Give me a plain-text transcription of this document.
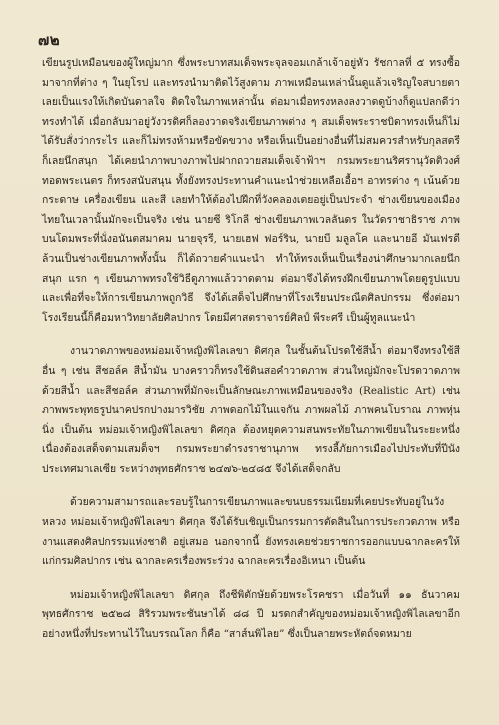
๗๒

เขียนรูปเหมือนของผู้ใหญ่มาก ซึ่งพระบาทสมเด็จพระจุลจอมเกล้าเจ้าอยู่หัว รัชกาลที่ ๕ ทรงซื้อมาจากที่ต่าง ๆ ในยุโรป และทรงนำมาติดไว้สูงตาม ภาพเหมือนเหล่านั้นดูแล้วเจริญใจสบายตา เลยเป็นแรงให้เกิดบันดาลใจ ติดใจในภาพเหล่านั้น ต่อมาเมื่อทรงหลงลงวาดดูบ้างก็ดูแปลกดีว่าทรงทำได้ เมื่อกลับมาอยู่วังวรดิศก็ลองวาดจริงเขียนภาพต่าง ๆ สมเด็จพระราชบิดาทรงเห็นก็ไม่ได้รับสั่งว่ากระไร และก็ไม่ทรงห้ามหรือขัดขวาง หรือเห็นเป็นอย่างอื่นที่ไม่สมควรสำหรับกุลสตรี ก็เลยนึกสนุก ได้เคยนำภาพบางภาพไปฝากถวายสมเด็จเจ้าฟ้าฯ กรมพระยานริศรานุวัดติวงศ์ ทอดพระเนตร ก็ทรงสนับสนุน ทั้งยังทรงประทานคำแนะนำช่วยเหลือเอื้อฯ อาทรต่าง ๆ เน้นด้วยกระดาษ เครื่องเขียน และสี เลยทำให้ต้องไปฝึกที่วังคลองเตยอยู่เป็นประจำ ช่างเขียนของเมืองไทยในเวลานั้นมักจะเป็นจริง เช่น นายซี ริโกลี ช่างเขียนภาพเวลลันดร ในวัดราชาธิราช ภาพบนโดมพระที่นั่งอนันตสมาคม นายจุรรี, นายเฮฟ ฟอร์ริน, นายบี มลูลโค และนายอี มันเฟรดี ล้วนเป็นช่างเขียนภาพทั้งนั้น ก็ได้ถวายคำแนะนำ ทำให้ทรงเห็นเป็นเรื่องน่าศึกษามากเลยนึกสนุก แรก ๆ เขียนภาพทรงใช้วิธีดูภาพแล้ววาดตาม ต่อมาจึงได้ทรงฝึกเขียนภาพโดยดูรูปแบบ และเพื่อที่จะให้การเขียนภาพถูกวิธี จึงได้เสด็จไปศึกษาที่โรงเรียนประณีตศิลปกรรม ซึ่งต่อมาโรงเรียนนี้ก็คือมหาวิทยาลัยศิลปากร โดยมีศาสตราจารย์ศิลป์ พีระศรี เป็นผู้ทูลแนะนำ

งานวาดภาพของหม่อมเจ้าหญิงพิไลเลขา ดิศกุล ในชั้นต้นโปรดใช้สีน้ำ ต่อมาจึงทรงใช้สีอื่น ๆ เช่น สีชอล์ค สีน้ำมัน บางคราวก็ทรงใช้ดินสอคำวาดภาพ ส่วนใหญ่มักจะโปรดวาดภาพด้วยสีน้ำ และสีชอล์ค ส่วนภาพที่มักจะเป็นลักษณะภาพเหมือนของจริง (Realistic Art) เช่น ภาพพระพุทธรูปนาคปรกปางมารวิชัย ภาพดอกไม้ในแจกัน ภาพผลไม้ ภาพคนโบราณ ภาพหุ่นนิ่ง เป็นต้น หม่อมเจ้าหญิงพิไลเลขา ดิศกุล ต้องหยุดความสนพระทัยในภาพเขียนในระยะหนึ่งเนื่องต้องเสด็จตามเสมด็จฯ กรมพระยาดำรงราชานุภาพ ทรงลี้ภัยการเมืองไปประทับที่ปีนัง ประเทศมาเลเซีย ระหว่างพุทธศักราช ๒๔๗๖-๒๔๘๕ จึงได้เสด็จกลับ

ด้วยความสามารถและรอบรู้ในการเขียนภาพและขนบธรรมเนียมที่เคยประทับอยู่ในวังหลวง หม่อมเจ้าหญิงพิไลเลขา ดิศกุล จึงได้รับเชิญเป็นกรรมการตัดสินในการประกวดภาพ หรืองานแสดงศิลปกรรมแห่งชาติ อยู่เสมอ นอกจากนี้ ยังทรงเคยช่วยราชการออกแบบฉากละครให้แก่กรมศิลปากร เช่น ฉากละครเรื่องพระร่วง ฉากละครเรื่องอิเหนา เป็นต้น

หม่อมเจ้าหญิงพิไลเลขา ดิศกุล ถึงชีพิตักษัยด้วยพระโรคชรา เมื่อวันที่ ๑๑ ธันวาคม พุทธศักราช ๒๕๒๘ สิริรวมพระชันษาได้ ๘๘ ปี มรดกสำคัญของหม่อมเจ้าหญิงพิไลเลขาอีกอย่างหนึ่งที่ประทานไว้ในบรรณโลก ก็คือ “สาส์นพิไลย” ซึ่งเป็นลายพระหัตถ์จดหมาย
